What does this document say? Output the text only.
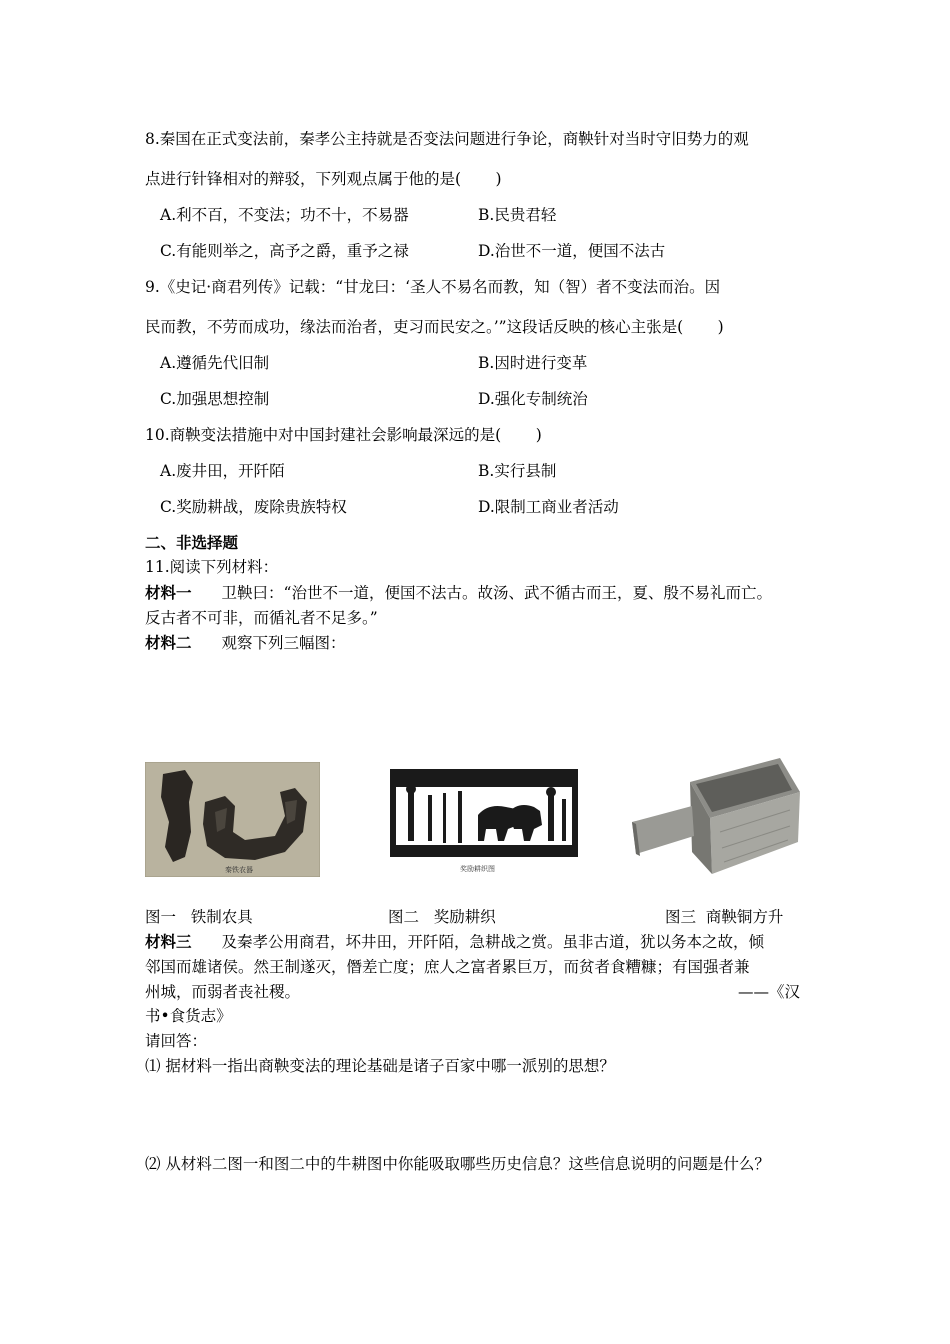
8.秦国在正式变法前，秦孝公主持就是否变法问题进行争论，商鞅针对当时守旧势力的观
点进行针锋相对的辩驳，下列观点属于他的是(       )
A.利不百，不变法；功不十，不易器	B.民贵君轻
C.有能则举之，高予之爵，重予之禄	D.治世不一道，便国不法古
9.《史记·商君列传》记载：“甘龙曰：‘圣人不易名而教，知（智）者不变法而治。因
民而教，不劳而成功，缘法而治者，吏习而民安之。’”这段话反映的核心主张是(       )
A.遵循先代旧制	B.因时进行变革
C.加强思想控制	D.强化专制统治
10.商鞅变法措施中对中国封建社会影响最深远的是(       )
A.废井田，开阡陌	B.实行县制
C.奖励耕战，废除贵族特权	D.限制工商业者活动
二、非选择题
11.阅读下列材料：
材料一 卫鞅曰：“治世不一道，便国不法古。故汤、武不循古而王，夏、殷不易礼而亡。
反古者不可非，而循礼者不足多。”
材料二 观察下列三幅图：
秦铁农器	奖励耕织图
图一   铁制农具	图二   奖励耕织	图三  商鞅铜方升
材料三 及秦孝公用商君，坏井田，开阡陌，急耕战之赏。虽非古道，犹以务本之故，倾
邻国而雄诸侯。然王制遂灭，僭差亡度；庶人之富者累巨万，而贫者食糟糠；有国强者兼
州城，而弱者丧社稷。	——《汉
书•食货志》
请回答：
⑴ 据材料一指出商鞅变法的理论基础是诸子百家中哪一派别的思想？
⑵ 从材料二图一和图二中的牛耕图中你能吸取哪些历史信息？这些信息说明的问题是什么？
